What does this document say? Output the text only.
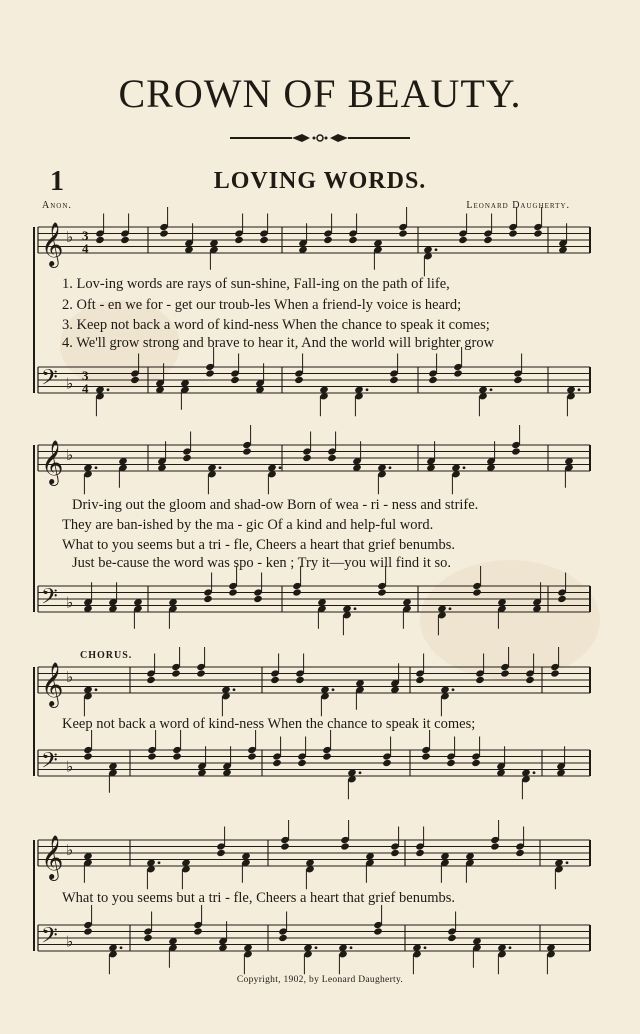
CROWN OF BEAUTY.
1	LOVING WORDS.
Anon.	Leonard Daugherty.
𝄞 ♭ 3
4
𝄢 ♭ 3
4
𝄞 ♭
𝄢 ♭
𝄞 ♭
𝄢 ♭
𝄞 ♭
𝄢 ♭
1. Lov-ing words are rays of sun-shine, Fall-ing on the path of life,
2. Oft - en we for - get our troub-les When a friend-ly voice is heard;
3. Keep not back a word of kind-ness When the chance to speak it comes;
4. We'll grow strong and brave to hear it, And the world will brighter grow
Driv-ing out the gloom and shad-ow Born of wea - ri - ness and strife.
They are ban-ished by the ma - gic Of a kind and help-ful word.
What to you seems but a tri - fle, Cheers a heart that grief benumbs.
Just be-cause the word was spo - ken ; Try it—you will find it so.
CHORUS.
Keep not back a word of kind-ness When the chance to speak it comes;
What to you seems but a tri - fle, Cheers a heart that grief benumbs.
Copyright, 1902, by Leonard Daugherty.
